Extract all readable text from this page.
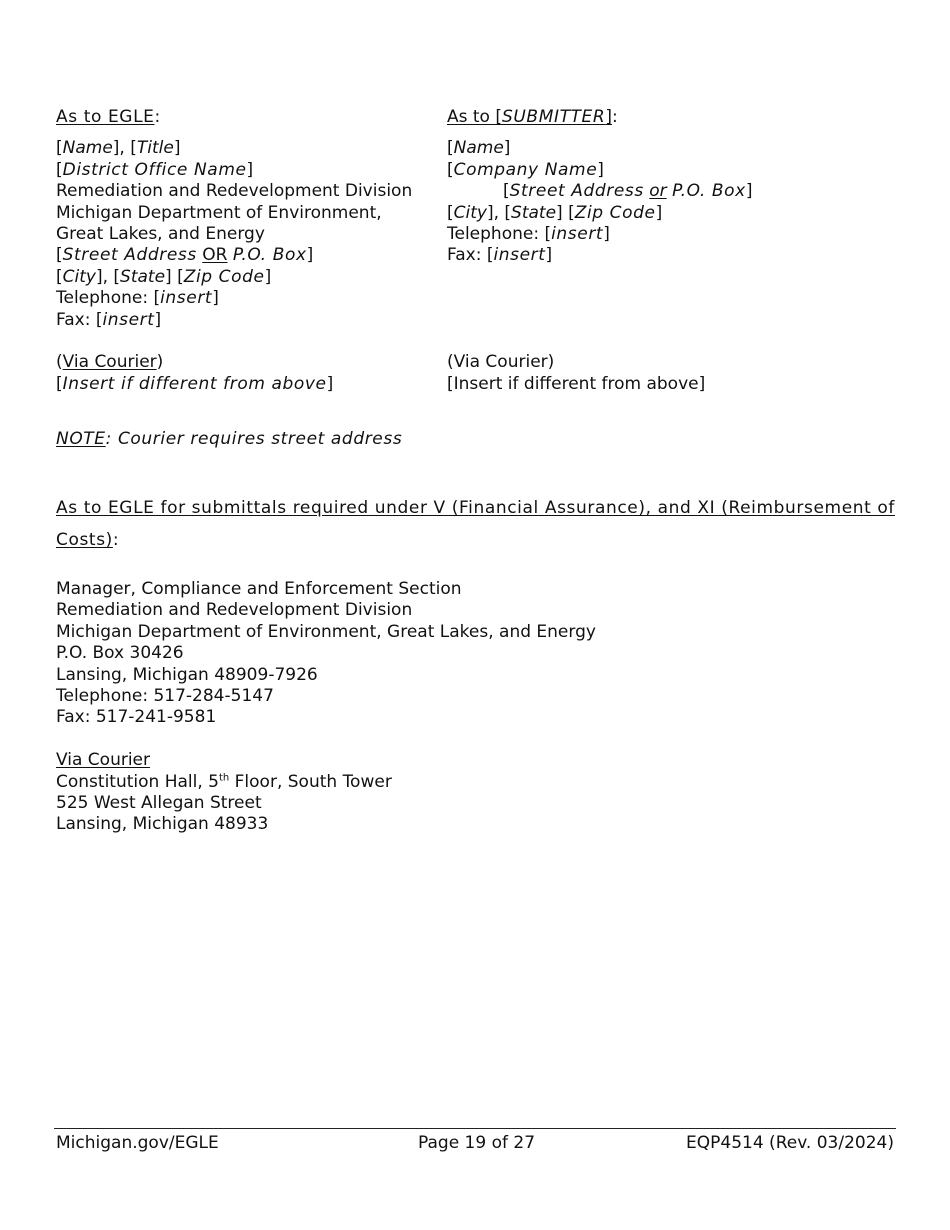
As to EGLE:
[Name], [Title]
[District Office Name]
Remediation and Redevelopment Division
Michigan Department of Environment,
Great Lakes, and Energy
[Street Address OR P.O. Box]
[City], [State] [Zip Code]
Telephone: [insert]
Fax: [insert]
(Via Courier)
[Insert if different from above]
As to [SUBMITTER]:
[Name]
[Company Name]
[Street Address or P.O. Box]
[City], [State] [Zip Code]
Telephone: [insert]
Fax: [insert]
(Via Courier)
[Insert if different from above]
NOTE: Courier requires street address
As to EGLE for submittals required under V (Financial Assurance), and XI (Reimbursement of Costs):
Manager, Compliance and Enforcement Section
Remediation and Redevelopment Division
Michigan Department of Environment, Great Lakes, and Energy
P.O. Box 30426
Lansing, Michigan 48909-7926
Telephone: 517-284-5147
Fax: 517-241-9581
Via Courier
Constitution Hall, 5th Floor, South Tower
525 West Allegan Street
Lansing, Michigan 48933
Michigan.gov/EGLE	Page 19 of 27	EQP4514 (Rev. 03/2024)
